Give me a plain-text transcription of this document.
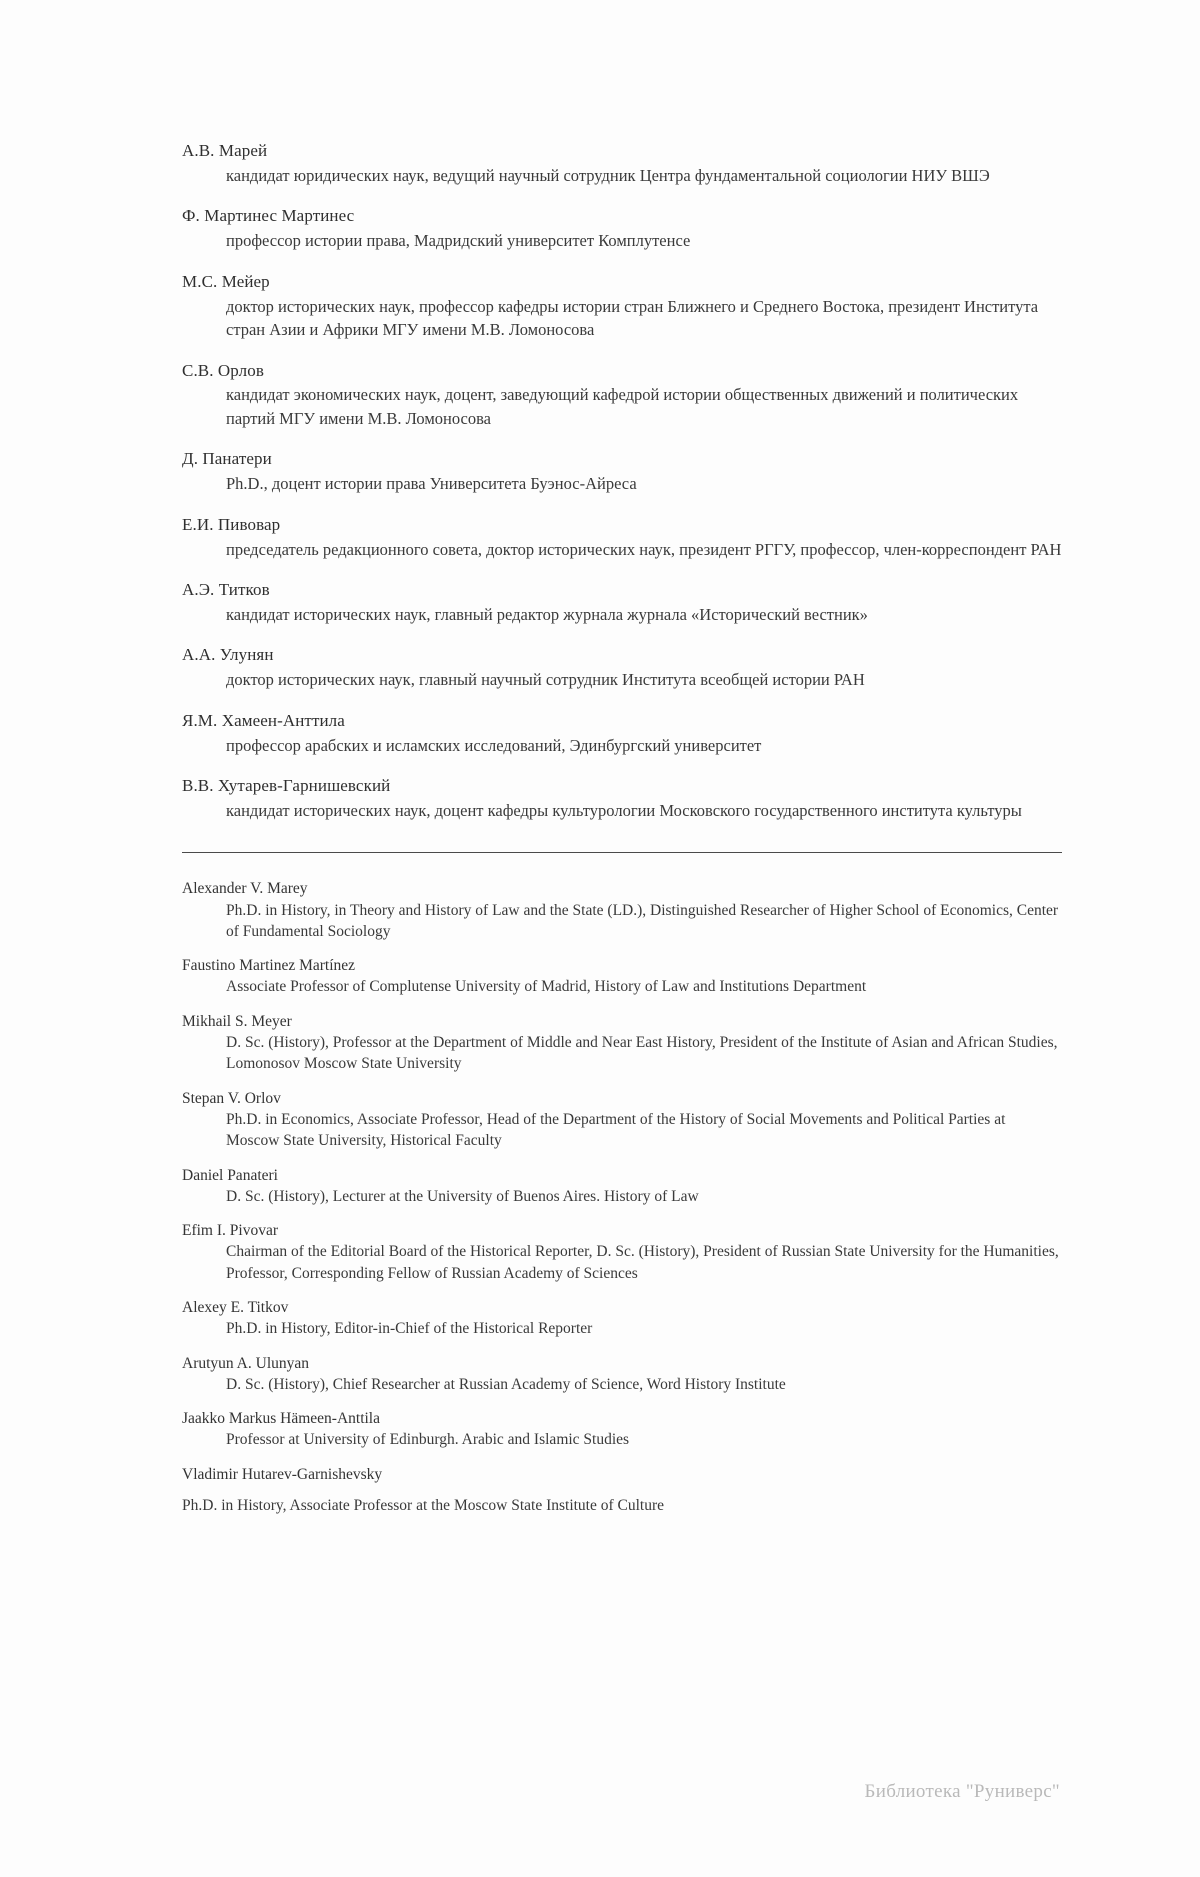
А.В. Марей
кандидат юридических наук, ведущий научный сотрудник Центра фундаментальной социологии НИУ ВШЭ
Ф. Мартинес Мартинес
профессор истории права, Мадридский университет Комплутенсе
М.С. Мейер
доктор исторических наук, профессор кафедры истории стран Ближнего и Среднего Востока, президент Института стран Азии и Африки МГУ имени М.В. Ломоносова
С.В. Орлов
кандидат экономических наук, доцент, заведующий кафедрой истории общественных движений и политических партий МГУ имени М.В. Ломоносова
Д. Панатери
Ph.D., доцент истории права Университета Буэнос-Айреса
Е.И. Пивовар
председатель редакционного совета, доктор исторических наук, президент РГГУ, профессор, член-корреспондент РАН
А.Э. Титков
кандидат исторических наук, главный редактор журнала журнала «Исторический вестник»
А.А. Улунян
доктор исторических наук, главный научный сотрудник Института всеобщей истории РАН
Я.М. Хамеен-Анттила
профессор арабских и исламских исследований, Эдинбургский университет
В.В. Хутарев-Гарнишевский
кандидат исторических наук, доцент кафедры культурологии Московского государственного института культуры
Alexander V. Marey
Ph.D. in History, in Theory and History of Law and the State (LD.), Distinguished Researcher of Higher School of Economics, Center of Fundamental Sociology
Faustino Martinez Martínez
Associate Professor of Complutense University of Madrid, History of Law and Institutions Department
Mikhail S. Meyer
D. Sc. (History), Professor at the Department of Middle and Near East History, President of the Institute of Asian and African Studies, Lomonosov Moscow State University
Stepan V. Orlov
Ph.D. in Economics, Associate Professor, Head of the Department of the History of Social Movements and Political Parties at Moscow State University, Historical Faculty
Daniel Panateri
D. Sc. (History), Lecturer at the University of Buenos Aires. History of Law
Efim I. Pivovar
Chairman of the Editorial Board of the Historical Reporter, D. Sc. (History), President of Russian State University for the Humanities, Professor, Corresponding Fellow of Russian Academy of Sciences
Alexey E. Titkov
Ph.D. in History, Editor-in-Chief of the Historical Reporter
Arutyun A. Ulunyan
D. Sc. (History), Chief Researcher at Russian Academy of Science, Word History Institute
Jaakko Markus Hämeen-Anttila
Professor at University of Edinburgh. Arabic and Islamic Studies
Vladimir Hutarev-Garnishevsky
Ph.D. in History, Associate Professor at the Moscow State Institute of Culture
Библиотека "Руниверс"
